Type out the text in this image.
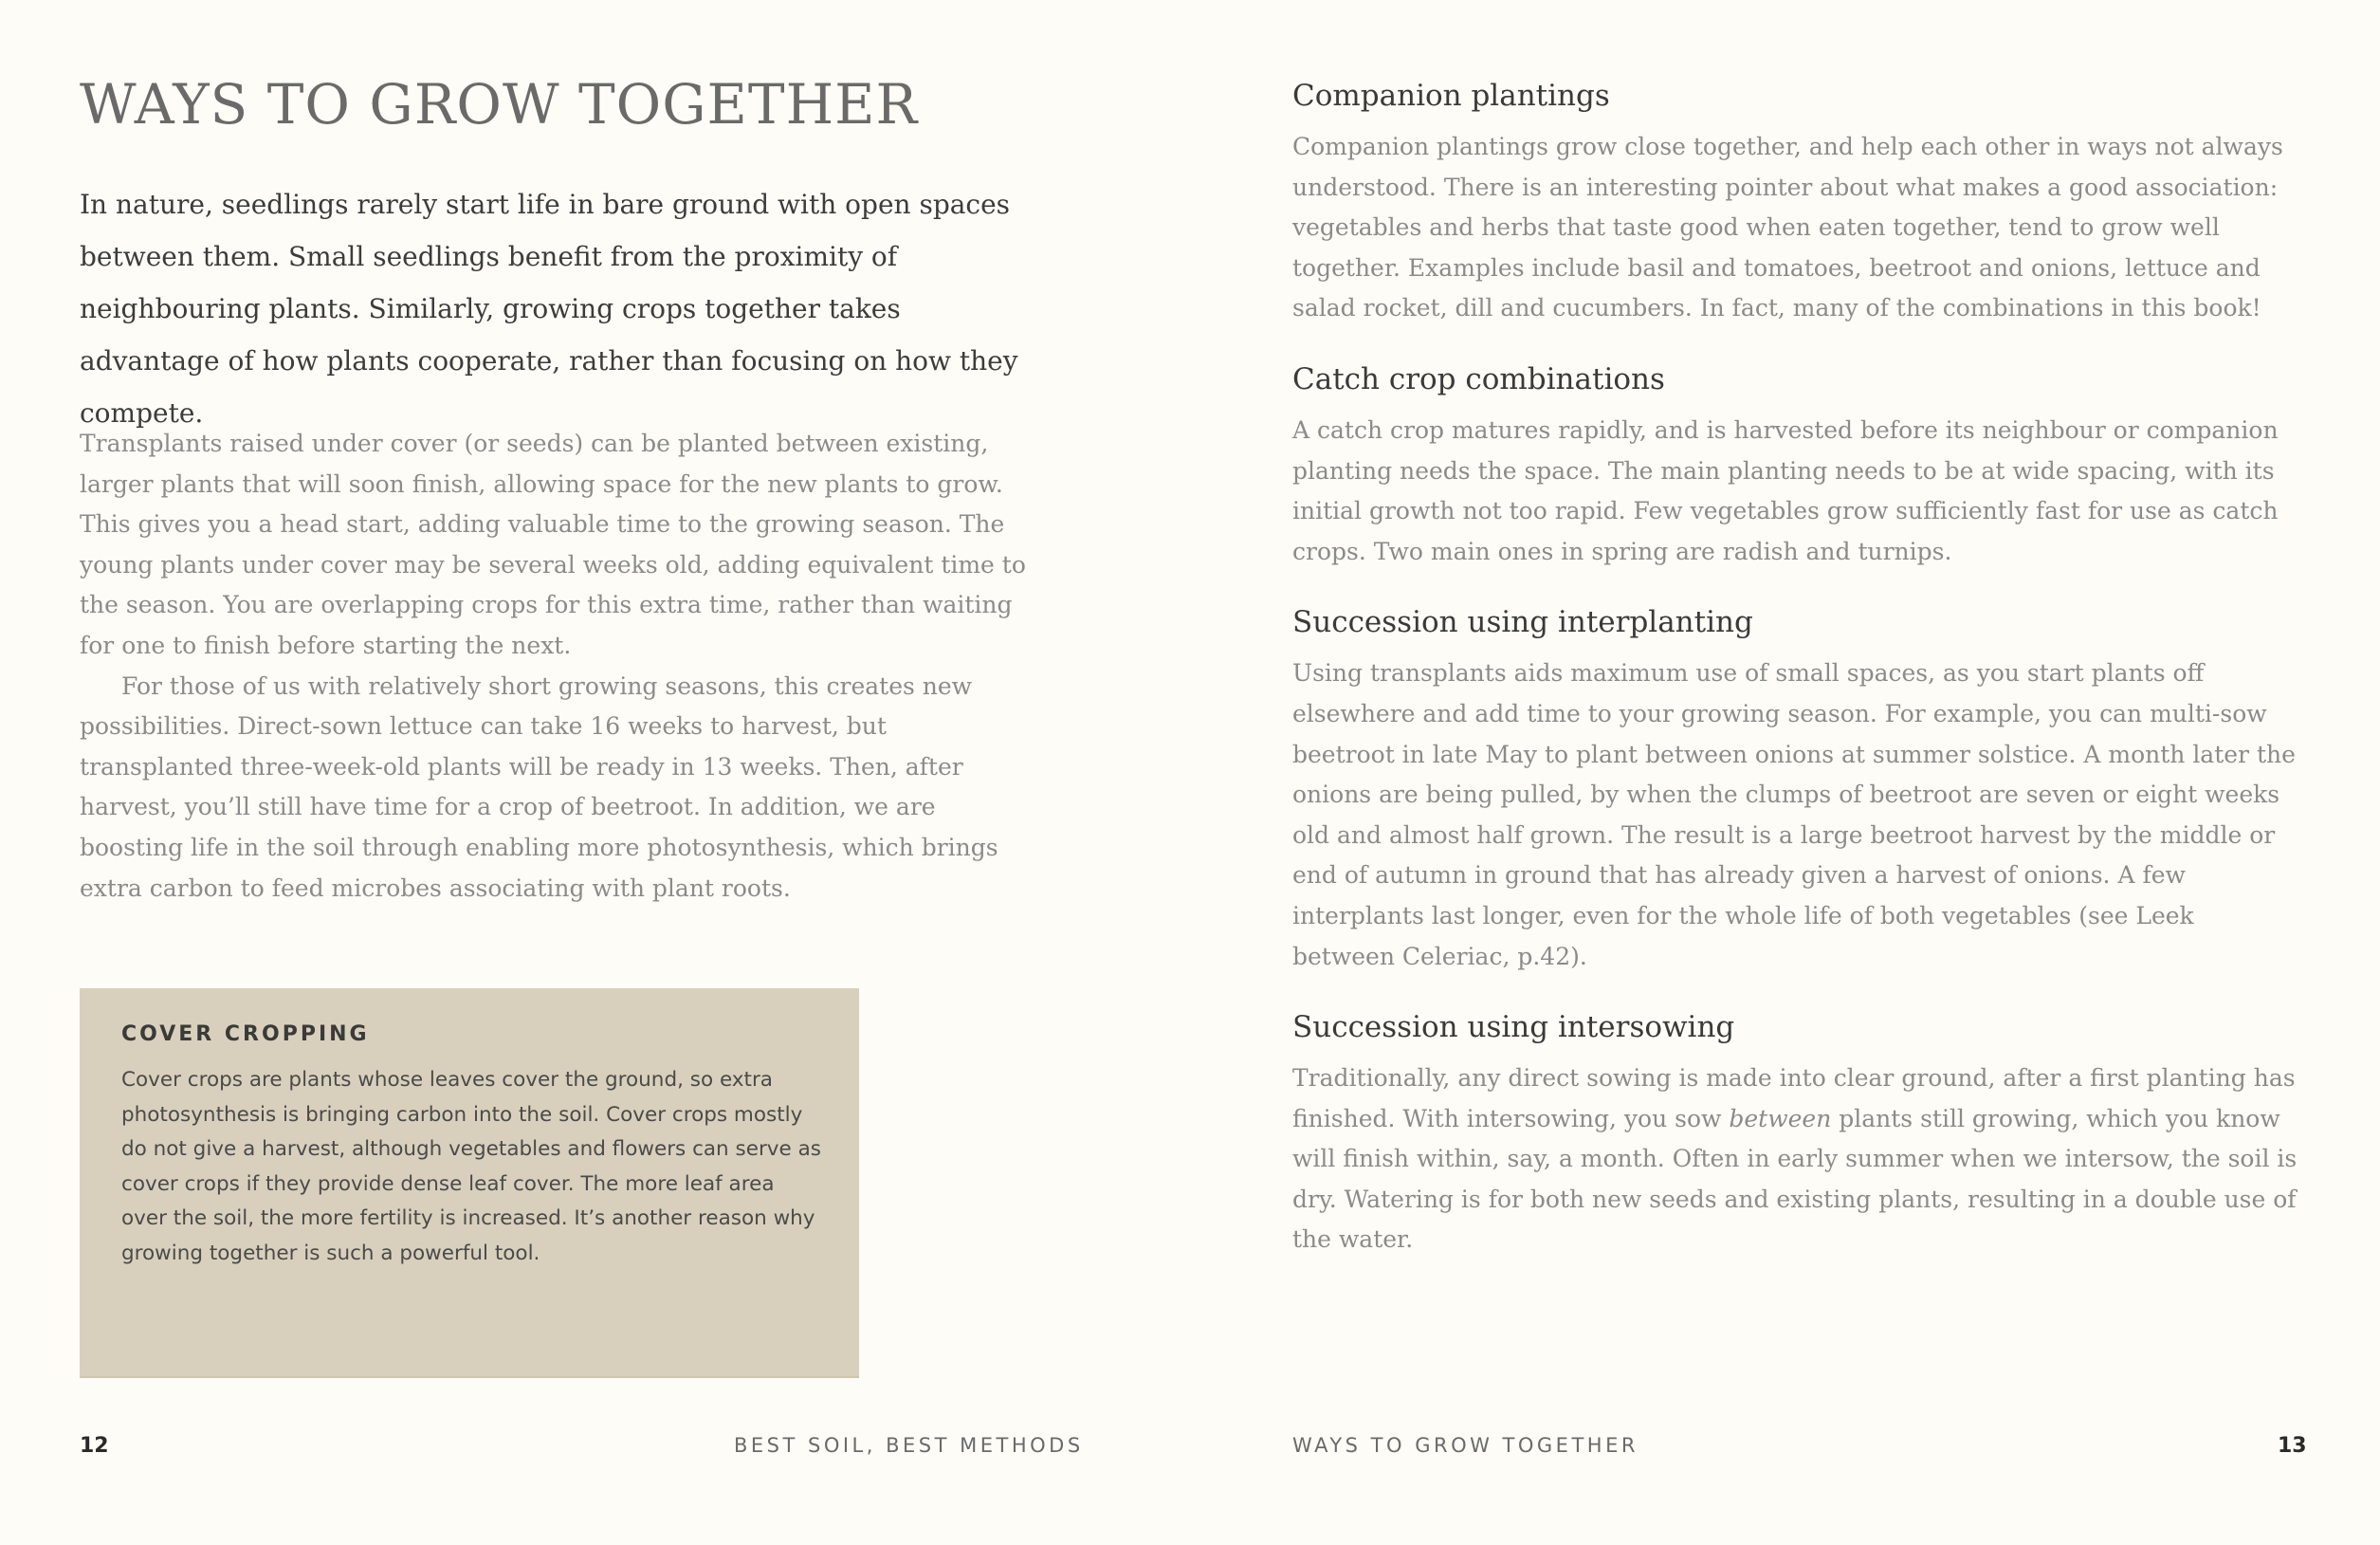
WAYS TO GROW TOGETHER

In nature, seedlings rarely start life in bare ground with open spaces between them. Small seedlings benefit from the proximity of neighbouring plants. Similarly, growing crops together takes advantage of how plants cooperate, rather than focusing on how they compete.

Transplants raised under cover (or seeds) can be planted between existing, larger plants that will soon finish, allowing space for the new plants to grow. This gives you a head start, adding valuable time to the growing season. The young plants under cover may be several weeks old, adding equivalent time to the season. You are overlapping crops for this extra time, rather than waiting for one to finish before starting the next.

For those of us with relatively short growing seasons, this creates new possibilities. Direct-sown lettuce can take 16 weeks to harvest, but transplanted three-week-old plants will be ready in 13 weeks. Then, after harvest, you’ll still have time for a crop of beetroot. In addition, we are boosting life in the soil through enabling more photosynthesis, which brings extra carbon to feed microbes associating with plant roots.

COVER CROPPING

Cover crops are plants whose leaves cover the ground, so extra photosynthesis is bringing carbon into the soil. Cover crops mostly do not give a harvest, although vegetables and flowers can serve as cover crops if they provide dense leaf cover. The more leaf area over the soil, the more fertility is increased. It’s another reason why growing together is such a powerful tool.

12	BEST SOIL, BEST METHODS

Companion plantings

Companion plantings grow close together, and help each other in ways not always understood. There is an interesting pointer about what makes a good association: vegetables and herbs that taste good when eaten together, tend to grow well together. Examples include basil and tomatoes, beetroot and onions, lettuce and salad rocket, dill and cucumbers. In fact, many of the combinations in this book!

Catch crop combinations

A catch crop matures rapidly, and is harvested before its neighbour or companion planting needs the space. The main planting needs to be at wide spacing, with its initial growth not too rapid. Few vegetables grow sufficiently fast for use as catch crops. Two main ones in spring are radish and turnips.

Succession using interplanting

Using transplants aids maximum use of small spaces, as you start plants off elsewhere and add time to your growing season. For example, you can multi-sow beetroot in late May to plant between onions at summer solstice. A month later the onions are being pulled, by when the clumps of beetroot are seven or eight weeks old and almost half grown. The result is a large beetroot harvest by the middle or end of autumn in ground that has already given a harvest of onions. A few interplants last longer, even for the whole life of both vegetables (see Leek between Celeriac, p.42).

Succession using intersowing

Traditionally, any direct sowing is made into clear ground, after a first planting has finished. With intersowing, you sow between plants still growing, which you know will finish within, say, a month. Often in early summer when we intersow, the soil is dry. Watering is for both new seeds and existing plants, resulting in a double use of the water.

WAYS TO GROW TOGETHER	13
